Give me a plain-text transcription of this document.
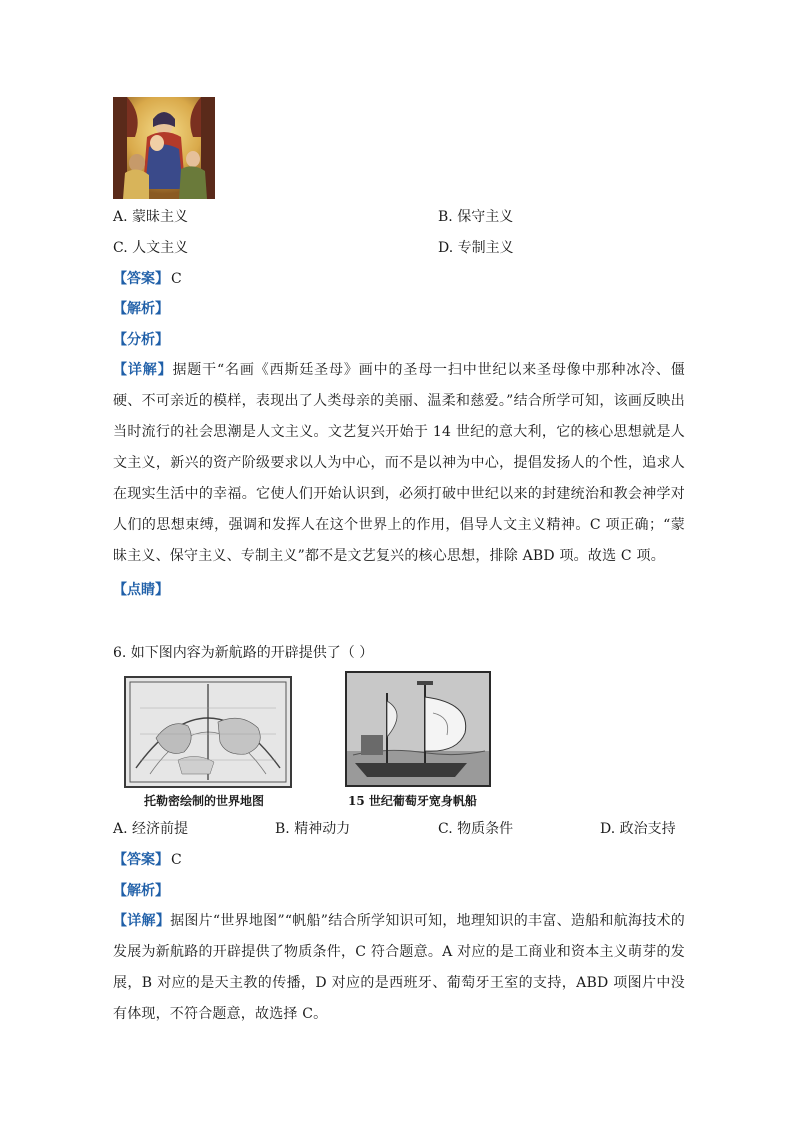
A. 蒙昧主义	B. 保守主义
C. 人文主义	D. 专制主义
【答案】 C
【解析】
【分析】
【详解】据题干“名画《西斯廷圣母》画中的圣母一扫中世纪以来圣母像中那种冰冷、僵硬、不可亲近的模样，表现出了人类母亲的美丽、温柔和慈爱。”结合所学可知，该画反映出当时流行的社会思潮是人文主义。文艺复兴开始于 14 世纪的意大利，它的核心思想就是人文主义，新兴的资产阶级要求以人为中心，而不是以神为中心，提倡发扬人的个性，追求人在现实生活中的幸福。它使人们开始认识到，必须打破中世纪以来的封建统治和教会神学对人们的思想束缚，强调和发挥人在这个世界上的作用，倡导人文主义精神。C 项正确；“蒙昧主义、保守主义、专制主义”都不是文艺复兴的核心思想，排除 ABD 项。故选 C 项。
【点睛】
6. 如下图内容为新航路的开辟提供了（ ）
托勒密绘制的世界地图	15 世纪葡萄牙宽身帆船
A. 经济前提	B. 精神动力	C. 物质条件	D. 政治支持
【答案】 C
【解析】
【详解】据图片“世界地图”“帆船”结合所学知识可知，地理知识的丰富、造船和航海技术的发展为新航路的开辟提供了物质条件，C 符合题意。A 对应的是工商业和资本主义萌芽的发展，B 对应的是天主教的传播，D 对应的是西班牙、葡萄牙王室的支持，ABD 项图片中没有体现，不符合题意，故选择 C。
